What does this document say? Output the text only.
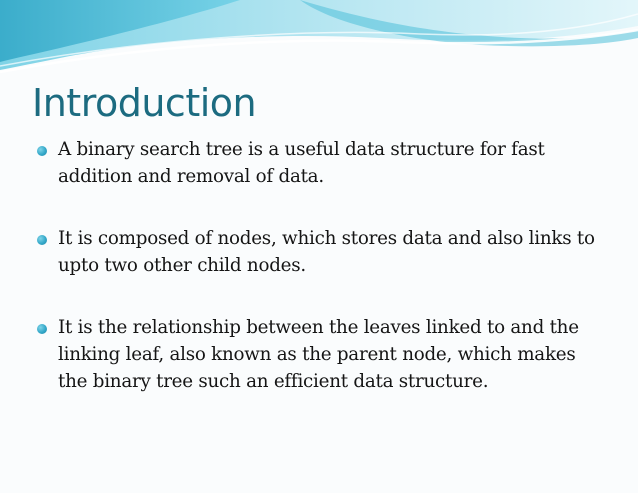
Introduction
A binary search tree is a useful data structure for fast addition and removal of data.
It is composed of nodes, which stores data and also links to upto two other child nodes.
It is the relationship between the leaves linked to and the linking leaf, also known as the parent node, which makes the binary tree such an efficient data structure.
